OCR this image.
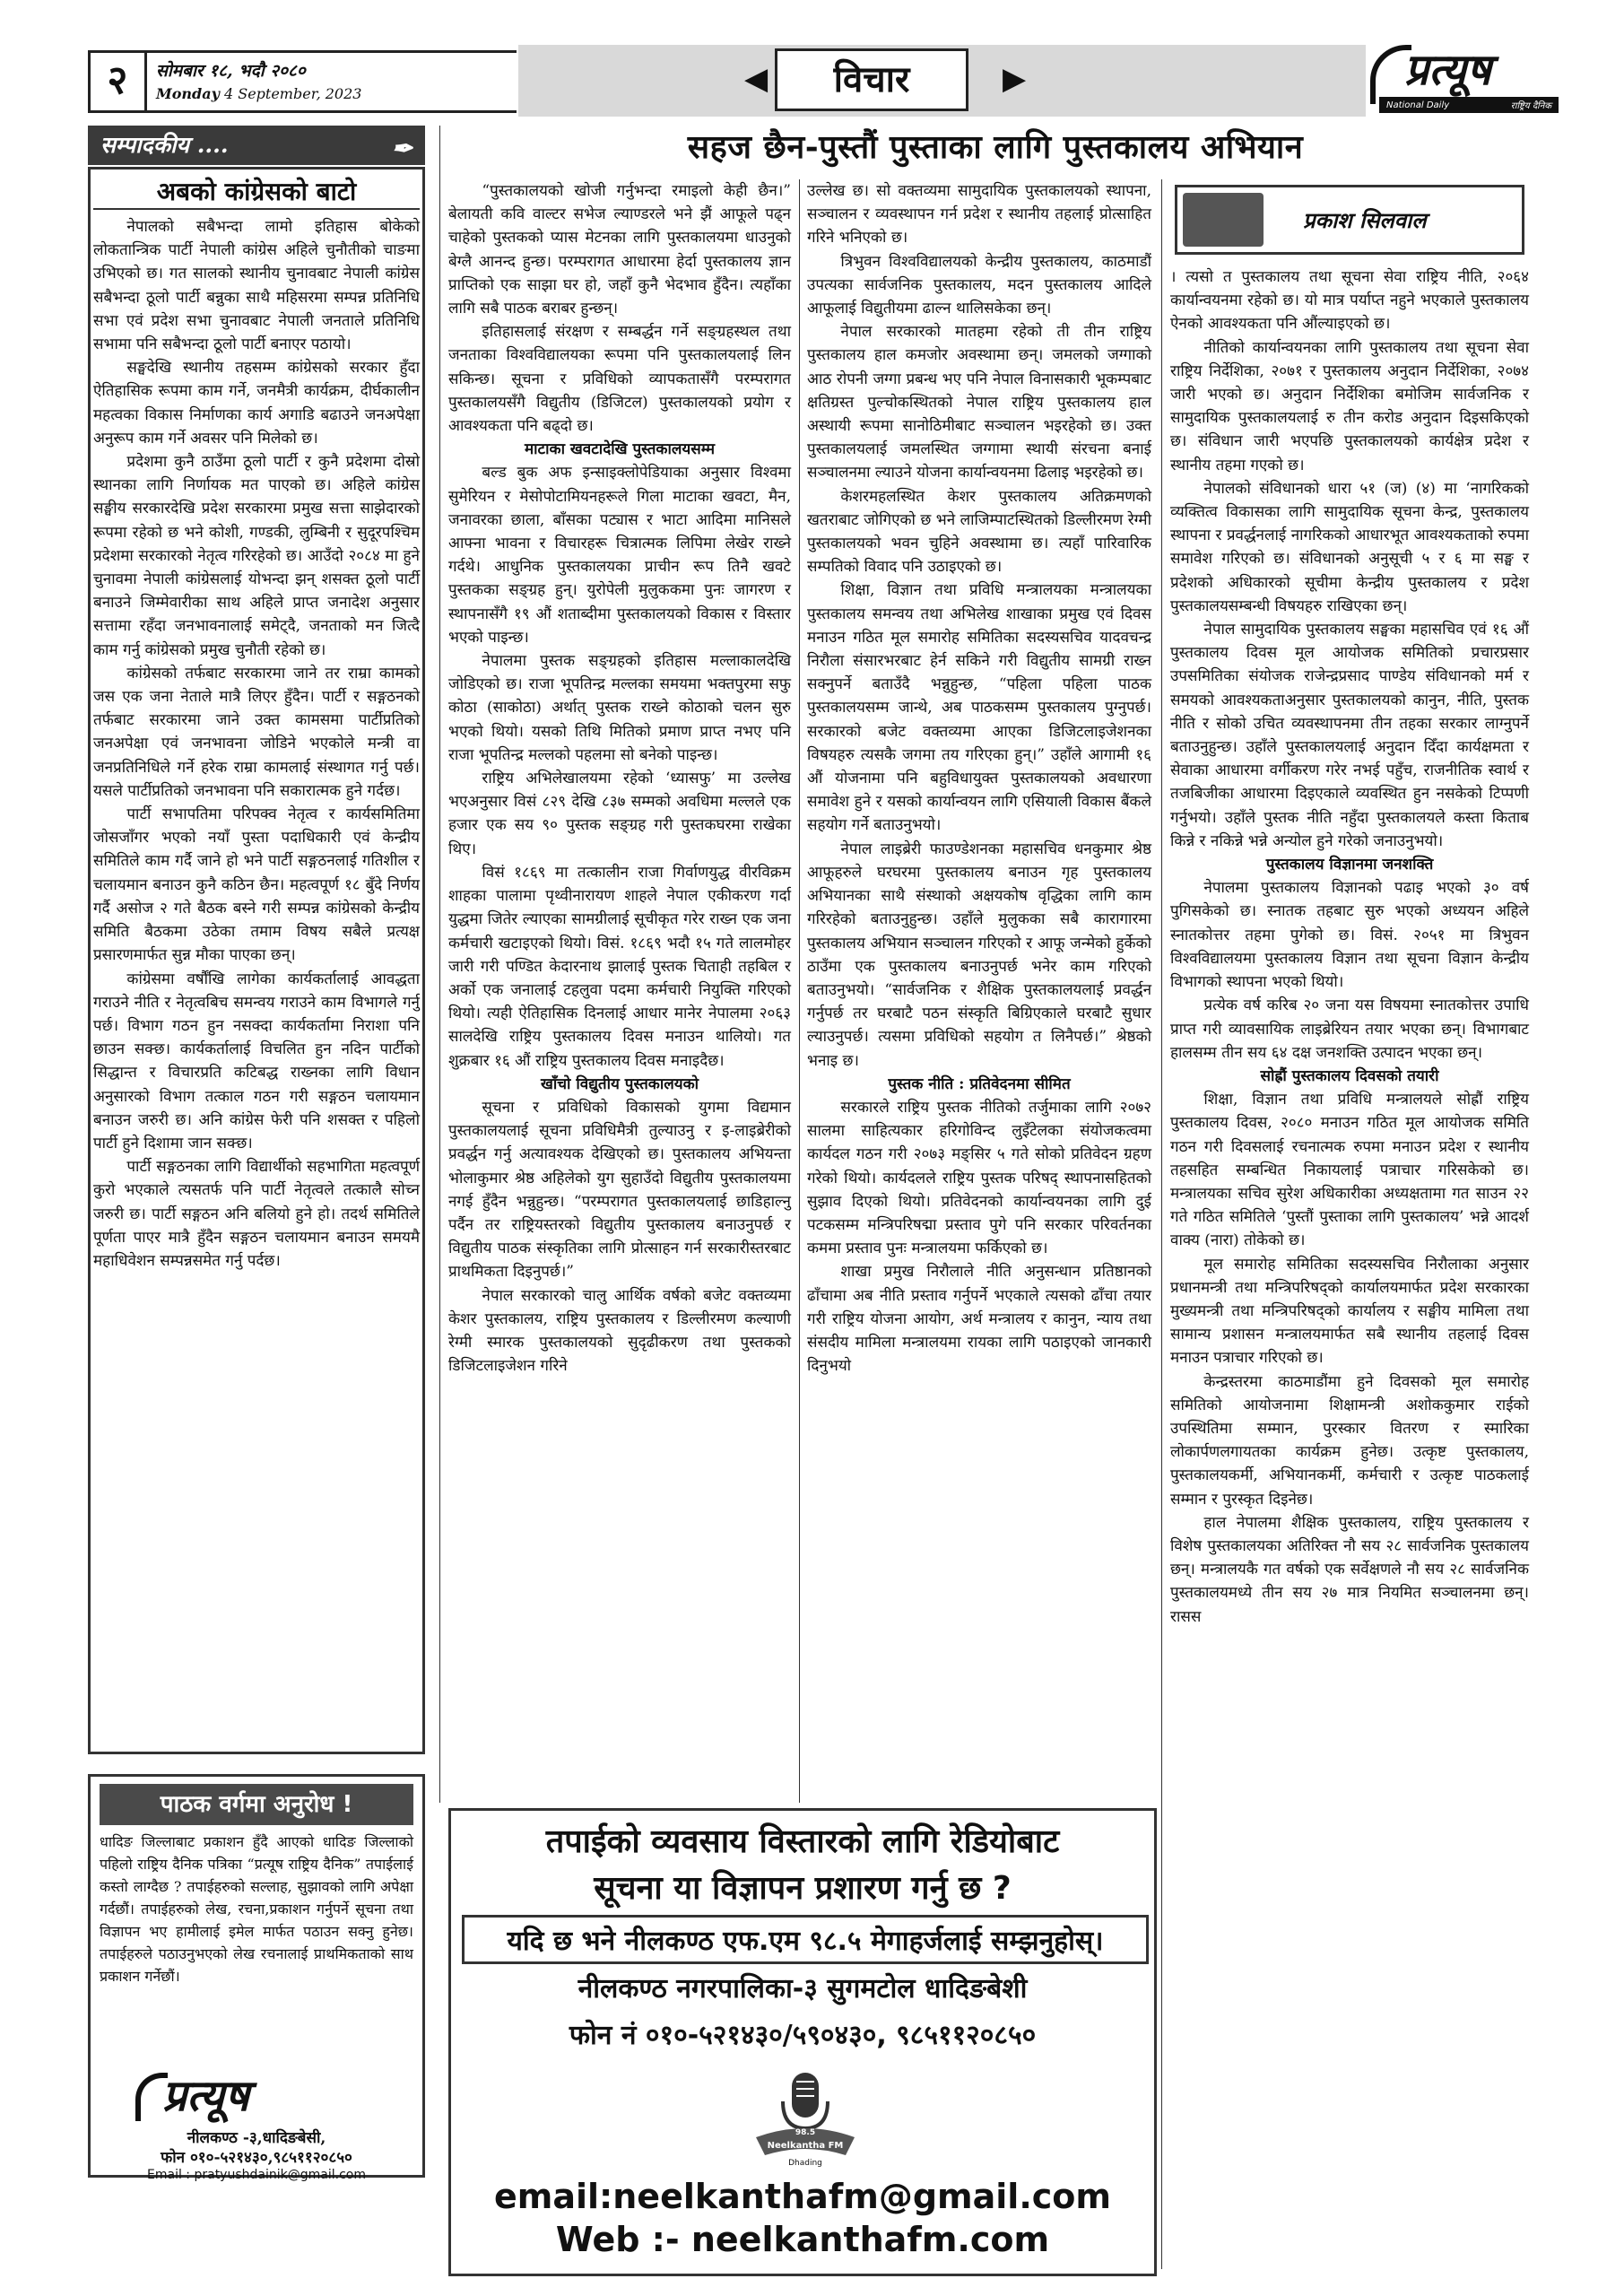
२	सोमबार १८, भदौ २०८०
Monday 4 September, 2023	◀	विचार	▶	प्रत्यूष
National Daily	राष्ट्रिय दैनिक
सम्पादकीय ....	✒
अबको कांग्रेसको बाटो

नेपालको सबैभन्दा लामो इतिहास बोकेको लोकतान्त्रिक पार्टी नेपाली कांग्रेस अहिले चुनौतीको चाङमा उभिएको छ। गत सालको स्थानीय चुनावबाट नेपाली कांग्रेस सबैभन्दा ठूलो पार्टी बन्नुका साथै महिसरमा सम्पन्न प्रतिनिधि सभा एवं प्रदेश सभा चुनावबाट नेपाली जनताले प्रतिनिधि सभामा पनि सबैभन्दा ठूलो पार्टी बनाएर पठायो।

सङ्घदेखि स्थानीय तहसम्म कांग्रेसको सरकार हुँदा ऐतिहासिक रूपमा काम गर्ने, जनमैत्री कार्यक्रम, दीर्घकालीन महत्वका विकास निर्माणका कार्य अगाडि बढाउने जनअपेक्षा अनुरूप काम गर्ने अवसर पनि मिलेको छ।

प्रदेशमा कुनै ठाउँमा ठूलो पार्टी र कुनै प्रदेशमा दोस्रो स्थानका लागि निर्णायक मत पाएको छ। अहिले कांग्रेस सङ्घीय सरकारदेखि प्रदेश सरकारमा प्रमुख सत्ता साझेदारको रूपमा रहेको छ भने कोशी, गण्डकी, लुम्बिनी र सुदूरपश्चिम प्रदेशमा सरकारको नेतृत्व गरिरहेको छ। आउँदो २०८४ मा हुने चुनावमा नेपाली कांग्रेसलाई योभन्दा झन् शसक्त ठूलो पार्टी बनाउने जिम्मेवारीका साथ अहिले प्राप्त जनादेश अनुसार सत्तामा रहँदा जनभावनालाई समेट्दै, जनताको मन जित्दै काम गर्नु कांग्रेसको प्रमुख चुनौती रहेको छ।

कांग्रेसको तर्फबाट सरकारमा जाने तर राम्रा कामको जस एक जना नेताले मात्रै लिएर हुँदैन। पार्टी र सङ्गठनको तर्फबाट सरकारमा जाने उक्त कामसमा पार्टीप्रतिको जनअपेक्षा एवं जनभावना जोडिने भएकोले मन्त्री वा जनप्रतिनिधिले गर्ने हरेक राम्रा कामलाई संस्थागत गर्नु पर्छ। यसले पार्टीप्रतिको जनभावना पनि सकारात्मक हुने गर्दछ।

पार्टी सभापतिमा परिपक्व नेतृत्व र कार्यसमितिमा जोसजाँगर भएको नयाँ पुस्ता पदाधिकारी एवं केन्द्रीय समितिले काम गर्दै जाने हो भने पार्टी सङ्गठनलाई गतिशील र चलायमान बनाउन कुनै कठिन छैन। महत्वपूर्ण १८ बुँदे निर्णय गर्दै असोज २ गते बैठक बस्ने गरी सम्पन्न कांग्रेसको केन्द्रीय समिति बैठकमा उठेका तमाम विषय सबैले प्रत्यक्ष प्रसारणमार्फत सुन्न मौका पाएका छन्।

कांग्रेसमा वर्षौंखि लागेका कार्यकर्तालाई आवद्धता गराउने नीति र नेतृत्वबिच समन्वय गराउने काम विभागले गर्नु पर्छ। विभाग गठन हुन नसक्दा कार्यकर्तामा निराशा पनि छाउन सक्छ। कार्यकर्तालाई विचलित हुन नदिन पार्टीको सिद्धान्त र विचारप्रति कटिबद्ध राख्नका लागि विधान अनुसारको विभाग तत्काल गठन गरी सङ्गठन चलायमान बनाउन जरुरी छ। अनि कांग्रेस फेरी पनि शसक्त र पहिलो पार्टी हुने दिशामा जान सक्छ।

पार्टी सङ्गठनका लागि विद्यार्थीको सहभागिता महत्वपूर्ण कुरो भएकाले त्यसतर्फ पनि पार्टी नेतृत्वले तत्कालै सोच्न जरुरी छ। पार्टी सङ्गठन अनि बलियो हुने हो। तदर्थ समितिले पूर्णता पाएर मात्रै हुँदैन सङ्गठन चलायमान बनाउन समयमै महाधिवेशन सम्पन्नसमेत गर्नु पर्दछ।

सहज छैन-पुस्तौं पुस्ताका लागि पुस्तकालय अभियान

“पुस्तकालयको खोजी गर्नुभन्दा रमाइलो केही छैन।” बेलायती कवि वाल्टर सभेज ल्याण्डरले भने झैं आफूले पढ्न चाहेको पुस्तकको प्यास मेटनका लागि पुस्तकालयमा धाउनुको बेग्लै आनन्द हुन्छ। परम्परागत आधारमा हेर्दा पुस्तकालय ज्ञान प्राप्तिको एक साझा घर हो, जहाँ कुनै भेदभाव हुँदैन। त्यहाँका लागि सबै पाठक बराबर हुन्छन्।

इतिहासलाई संरक्षण र सम्बर्द्धन गर्ने सङ्ग्रहस्थल तथा जनताका विश्वविद्यालयका रूपमा पनि पुस्तकालयलाई लिन सकिन्छ। सूचना र प्रविधिको व्यापकतासँगै परम्परागत पुस्तकालयसँगै विद्युतीय (डिजिटल) पुस्तकालयको प्रयोग र आवश्यकता पनि बढ्दो छ।

माटाका खवटादेखि पुस्तकालयसम्म

बल्ड बुक अफ इन्साइक्लोपेडियाका अनुसार विश्वमा सुमेरियन र मेसोपोटामियनहरूले गिला माटाका खवटा, मैन, जनावरका छाला, बाँसका पट्यास र भाटा आदिमा मानिसले आफ्ना भावना र विचारहरू चित्रात्मक लिपिमा लेखेर राख्ने गर्दथे। आधुनिक पुस्तकालयका प्राचीन रूप तिनै खवटे पुस्तकका सङ्ग्रह हुन्। युरोपेली मुलुककमा पुनः जागरण र स्थापनासँगै १९ औं शताब्दीमा पुस्तकालयको विकास र विस्तार भएको पाइन्छ।

नेपालमा पुस्तक सङ्ग्रहको इतिहास मल्लाकालदेखि जोडिएको छ। राजा भूपतिन्द्र मल्लका समयमा भक्तपुरमा सफु कोठा (साकोठा) अर्थात् पुस्तक राख्ने कोठाको चलन सुरु भएको थियो। यसको तिथि मितिको प्रमाण प्राप्त नभए पनि राजा भूपतिन्द्र मल्लको पहलमा सो बनेको पाइन्छ।

राष्ट्रिय अभिलेखालयमा रहेको ‘ध्यासफु’ मा उल्लेख भएअनुसार विसं ८२९ देखि ८३७ सम्मको अवधिमा मल्लले एक हजार एक सय ९० पुस्तक सङ्ग्रह गरी पुस्तकघरमा राखेका थिए।

विसं १८६९ मा तत्कालीन राजा गिर्वाणयुद्ध वीरविक्रम शाहका पालामा पृथ्वीनारायण शाहले नेपाल एकीकरण गर्दा युद्धमा जितेर ल्याएका सामग्रीलाई सूचीकृत गरेर राख्न एक जना कर्मचारी खटाइएको थियो। विसं. १८६९ भदौ १५ गते लालमोहर जारी गरी पण्डित केदारनाथ झालाई पुस्तक चिताही तहबिल र अर्को एक जनालाई टहलुवा पदमा कर्मचारी नियुक्ति गरिएको थियो। त्यही ऐतिहासिक दिनलाई आधार मानेर नेपालमा २०६३ सालदेखि राष्ट्रिय पुस्तकालय दिवस मनाउन थालियो। गत शुक्रबार १६ औं राष्ट्रिय पुस्तकालय दिवस मनाइदैछ।

खाँचो विद्युतीय पुस्तकालयको

सूचना र प्रविधिको विकासको युगमा विद्यमान पुस्तकालयलाई सूचना प्रविधिमैत्री तुल्याउनु र इ-लाइब्रेरीको प्रवर्द्धन गर्नु अत्यावश्यक देखिएको छ। पुस्तकालय अभियन्ता भोलाकुमार श्रेष्ठ अहिलेको युग सुहाउँदो विद्युतीय पुस्तकालयमा नगई हुँदैन भन्नुहुन्छ। “परम्परागत पुस्तकालयलाई छाडिहाल्नु पर्दैन तर राष्ट्रियस्तरको विद्युतीय पुस्तकालय बनाउनुपर्छ र विद्युतीय पाठक संस्कृतिका लागि प्रोत्साहन गर्न सरकारीस्तरबाट प्राथमिकता दिइनुपर्छ।”

नेपाल सरकारको चालु आर्थिक वर्षको बजेट वक्तव्यमा केशर पुस्तकालय, राष्ट्रिय पुस्तकालय र डिल्लीरमण कल्याणी रेग्मी स्मारक पुस्तकालयको सुदृढीकरण तथा पुस्तकको डिजिटलाइजेशन गरिने

उल्लेख छ। सो वक्तव्यमा सामुदायिक पुस्तकालयको स्थापना, सञ्चालन र व्यवस्थापन गर्न प्रदेश र स्थानीय तहलाई प्रोत्साहित गरिने भनिएको छ।

त्रिभुवन विश्वविद्यालयको केन्द्रीय पुस्तकालय, काठमाडौं उपत्यका सार्वजनिक पुस्तकालय, मदन पुस्तकालय आदिले आफूलाई विद्युतीयमा ढाल्न थालिसकेका छन्।

नेपाल सरकारको मातहमा रहेको ती तीन राष्ट्रिय पुस्तकालय हाल कमजोर अवस्थामा छन्। जमलको जग्गाको आठ रोपनी जग्गा प्रबन्ध भए पनि नेपाल विनासकारी भूकम्पबाट क्षतिग्रस्त पुल्चोकस्थितको नेपाल राष्ट्रिय पुस्तकालय हाल अस्थायी रूपमा सानोठिमीबाट सञ्चालन भइरहेको छ। उक्त पुस्तकालयलाई जमलस्थित जग्गामा स्थायी संरचना बनाई सञ्चालनमा ल्याउने योजना कार्यान्वयनमा ढिलाइ भइरहेको छ।

केशरमहलस्थित केशर पुस्तकालय अतिक्रमणको खतराबाट जोगिएको छ भने लाजिम्पाटस्थितको डिल्लीरमण रेग्मी पुस्तकालयको भवन चुहिने अवस्थामा छ। त्यहाँ पारिवारिक सम्पतिको विवाद पनि उठाइएको छ।

शिक्षा, विज्ञान तथा प्रविधि मन्त्रालयका मन्त्रालयका पुस्तकालय समन्वय तथा अभिलेख शाखाका प्रमुख एवं दिवस मनाउन गठित मूल समारोह समितिका सदस्यसचिव यादवचन्द्र निरौला संसारभरबाट हेर्न सकिने गरी विद्युतीय सामग्री राख्न सक्नुपर्ने बताउँदै भन्नुहुन्छ, “पहिला पहिला पाठक पुस्तकालयसम्म जान्थे, अब पाठकसम्म पुस्तकालय पुग्नुपर्छ। सरकारको बजेट वक्तव्यमा आएका डिजिटलाइजेशनका विषयहरु त्यसकै जगमा तय गरिएका हुन्।” उहाँले आगामी १६ औं योजनामा पनि बहुविधायुक्त पुस्तकालयको अवधारणा समावेश हुने र यसको कार्यान्वयन लागि एसियाली विकास बैंकले सहयोग गर्ने बताउनुभयो।

नेपाल लाइब्रेरी फाउण्डेशनका महासचिव धनकुमार श्रेष्ठ आफूहरुले घरघरमा पुस्तकालय बनाउन गृह पुस्तकालय अभियानका साथै संस्थाको अक्षयकोष वृद्धिका लागि काम गरिरहेको बताउनुहुन्छ। उहाँले मुलुकका सबै कारागारमा पुस्तकालय अभियान सञ्चालन गरिएको र आफू जन्मेको हुर्केको ठाउँमा एक पुस्तकालय बनाउनुपर्छ भनेर काम गरिएको बताउनुभयो। “सार्वजनिक र शैक्षिक पुस्तकालयलाई प्रवर्द्धन गर्नुपर्छ तर घरबाटै पठन संस्कृति बिग्रिएकाले घरबाटै सुधार ल्याउनुपर्छ। त्यसमा प्रविधिको सहयोग त लिनैपर्छ।” श्रेष्ठको भनाइ छ।

पुस्तक नीति : प्रतिवेदनमा सीमित

सरकारले राष्ट्रिय पुस्तक नीतिको तर्जुमाका लागि २०७२ सालमा साहित्यकार हरिगोविन्द लुइँटेलका संयोजकत्वमा कार्यदल गठन गरी २०७३ मङ्सिर ५ गते सोको प्रतिवेदन ग्रहण गरेको थियो। कार्यदलले राष्ट्रिय पुस्तक परिषद् स्थापनासहितको सुझाव दिएको थियो। प्रतिवेदनको कार्यान्वयनका लागि दुई पटकसम्म मन्त्रिपरिषद्मा प्रस्ताव पुगे पनि सरकार परिवर्तनका कममा प्रस्ताव पुनः मन्त्रालयमा फर्किएको छ।

शाखा प्रमुख निरौलाले नीति अनुसन्धान प्रतिष्ठानको ढाँचामा अब नीति प्रस्ताव गर्नुपर्ने भएकाले त्यसको ढाँचा तयार गरी राष्ट्रिय योजना आयोग, अर्थ मन्त्रालय र कानुन, न्याय तथा संसदीय मामिला मन्त्रालयमा रायका लागि पठाइएको जानकारी दिनुभयो

प्रकाश सिलवाल

। त्यसो त पुस्तकालय तथा सूचना सेवा राष्ट्रिय नीति, २०६४ कार्यान्वयनमा रहेको छ। यो मात्र पर्याप्त नहुने भएकाले पुस्तकालय ऐनको आवश्यकता पनि औंल्याइएको छ।

नीतिको कार्यान्वयनका लागि पुस्तकालय तथा सूचना सेवा राष्ट्रिय निर्देशिका, २०७१ र पुस्तकालय अनुदान निर्देशिका, २०७४ जारी भएको छ। अनुदान निर्देशिका बमोजिम सार्वजनिक र सामुदायिक पुस्तकालयलाई रु तीन करोड अनुदान दिइसकिएको छ। संविधान जारी भएपछि पुस्तकालयको कार्यक्षेत्र प्रदेश र स्थानीय तहमा गएको छ।

नेपालको संविधानको धारा ५१ (ज) (४) मा ‘नागरिकको व्यक्तित्व विकासका लागि सामुदायिक सूचना केन्द्र, पुस्तकालय स्थापना र प्रवर्द्धनलाई नागरिकको आधारभूत आवश्यकताको रुपमा समावेश गरिएको छ। संविधानको अनुसूची ५ र ६ मा सङ्घ र प्रदेशको अधिकारको सूचीमा केन्द्रीय पुस्तकालय र प्रदेश पुस्तकालयसम्बन्धी विषयहरु राखिएका छन्।

नेपाल सामुदायिक पुस्तकालय सङ्घका महासचिव एवं १६ औं पुस्तकालय दिवस मूल आयोजक समितिको प्रचारप्रसार उपसमितिका संयोजक राजेन्द्रप्रसाद पाण्डेय संविधानको मर्म र समयको आवश्यकताअनुसार पुस्तकालयको कानुन, नीति, पुस्तक नीति र सोको उचित व्यवस्थापनमा तीन तहका सरकार लाग्नुपर्ने बताउनुहुन्छ। उहाँले पुस्तकालयलाई अनुदान दिँदा कार्यक्षमता र सेवाका आधारमा वर्गीकरण गरेर नभई पहुँच, राजनीतिक स्वार्थ र तजबिजीका आधारमा दिइएकाले व्यवस्थित हुन नसकेको टिप्पणी गर्नुभयो। उहाँले पुस्तक नीति नहुँदा पुस्तकालयले कस्ता किताब किन्ने र नकिन्ने भन्ने अन्योल हुने गरेको जनाउनुभयो।

पुस्तकालय विज्ञानमा जनशक्ति

नेपालमा पुस्तकालय विज्ञानको पढाइ भएको ३० वर्ष पुगिसकेको छ। स्नातक तहबाट सुरु भएको अध्ययन अहिले स्नातकोत्तर तहमा पुगेको छ। विसं. २०५१ मा त्रिभुवन विश्वविद्यालयमा पुस्तकालय विज्ञान तथा सूचना विज्ञान केन्द्रीय विभागको स्थापना भएको थियो।

प्रत्येक वर्ष करिब २० जना यस विषयमा स्नातकोत्तर उपाधि प्राप्त गरी व्यावसायिक लाइब्रेरियन तयार भएका छन्। विभागबाट हालसम्म तीन सय ६४ दक्ष जनशक्ति उत्पादन भएका छन्।

सोह्रौं पुस्तकालय दिवसको तयारी

शिक्षा, विज्ञान तथा प्रविधि मन्त्रालयले सोह्रौं राष्ट्रिय पुस्तकालय दिवस, २०८० मनाउन गठित मूल आयोजक समिति गठन गरी दिवसलाई रचनात्मक रुपमा मनाउन प्रदेश र स्थानीय तहसहित सम्बन्धित निकायलाई पत्राचार गरिसकेको छ। मन्त्रालयका सचिव सुरेश अधिकारीका अध्यक्षतामा गत साउन २२ गते गठित समितिले ‘पुस्तौं पुस्ताका लागि पुस्तकालय’ भन्ने आदर्श वाक्य (नारा) तोकेको छ।

मूल समारोह समितिका सदस्यसचिव निरौलाका अनुसार प्रधानमन्त्री तथा मन्त्रिपरिषद्को कार्यालयमार्फत प्रदेश सरकारका मुख्यमन्त्री तथा मन्त्रिपरिषद्को कार्यालय र सङ्घीय मामिला तथा सामान्य प्रशासन मन्त्रालयमार्फत सबै स्थानीय तहलाई दिवस मनाउन पत्राचार गरिएको छ।

केन्द्रस्तरमा काठमाडौंमा हुने दिवसको मूल समारोह समितिको आयोजनामा शिक्षामन्त्री अशोककुमार राईको उपस्थितिमा सम्मान, पुरस्कार वितरण र स्मारिका लोकार्पणलगायतका कार्यक्रम हुनेछ। उत्कृष्ट पुस्तकालय, पुस्तकालयकर्मी, अभियानकर्मी, कर्मचारी र उत्कृष्ट पाठकलाई सम्मान र पुरस्कृत दिइनेछ।

हाल नेपालमा शैक्षिक पुस्तकालय, राष्ट्रिय पुस्तकालय र विशेष पुस्तकालयका अतिरिक्त नौ सय २८ सार्वजनिक पुस्तकालय छन्। मन्त्रालयकै गत वर्षको एक सर्वेक्षणले नौ सय २८ सार्वजनिक पुस्तकालयमध्ये तीन सय २७ मात्र नियमित सञ्चालनमा छन्। रासस

पाठक वर्गमा अनुरोध !
धादिङ जिल्लाबाट प्रकाशन हुँदै आएको धादिङ जिल्लाको पहिलो राष्ट्रिय दैनिक पत्रिका “प्रत्यूष राष्ट्रिय दैनिक” तपाईलाई कस्तो लाग्दैछ ? तपाईहरुको सल्लाह, सुझावको लागि अपेक्षा गर्दछौं। तपाईहरुको लेख, रचना,प्रकाशन गर्नुपर्ने सूचना तथा विज्ञापन भए हामीलाई इमेल मार्फत पठाउन सक्नु हुनेछ। तपाईहरुले पठाउनुभएको लेख रचनालाई प्राथमिकताको साथ प्रकाशन गर्नेछौं।
प्रत्यूष
नीलकण्ठ -३,धादिङबेसी,
फोन ०१०-५२१४३०,९८५११२०८५०
Email : pratyushdainik@gmail.com
तपाईको व्यवसाय विस्तारको लागि रेडियोबाट
सूचना या विज्ञापन प्रशारण गर्नु छ ?
यदि छ भने नीलकण्ठ एफ.एम ९८.५ मेगाहर्जलाई सम्झनुहोस्।
नीलकण्ठ नगरपालिका-३ सुगमटोल धादिङबेशी
फोन नं ०१०-५२१४३०/५९०४३०, ९८५११२०८५०
Neelkantha FM
98.5
Dhading
email:neelkanthafm@gmail.com
Web :- neelkanthafm.com
